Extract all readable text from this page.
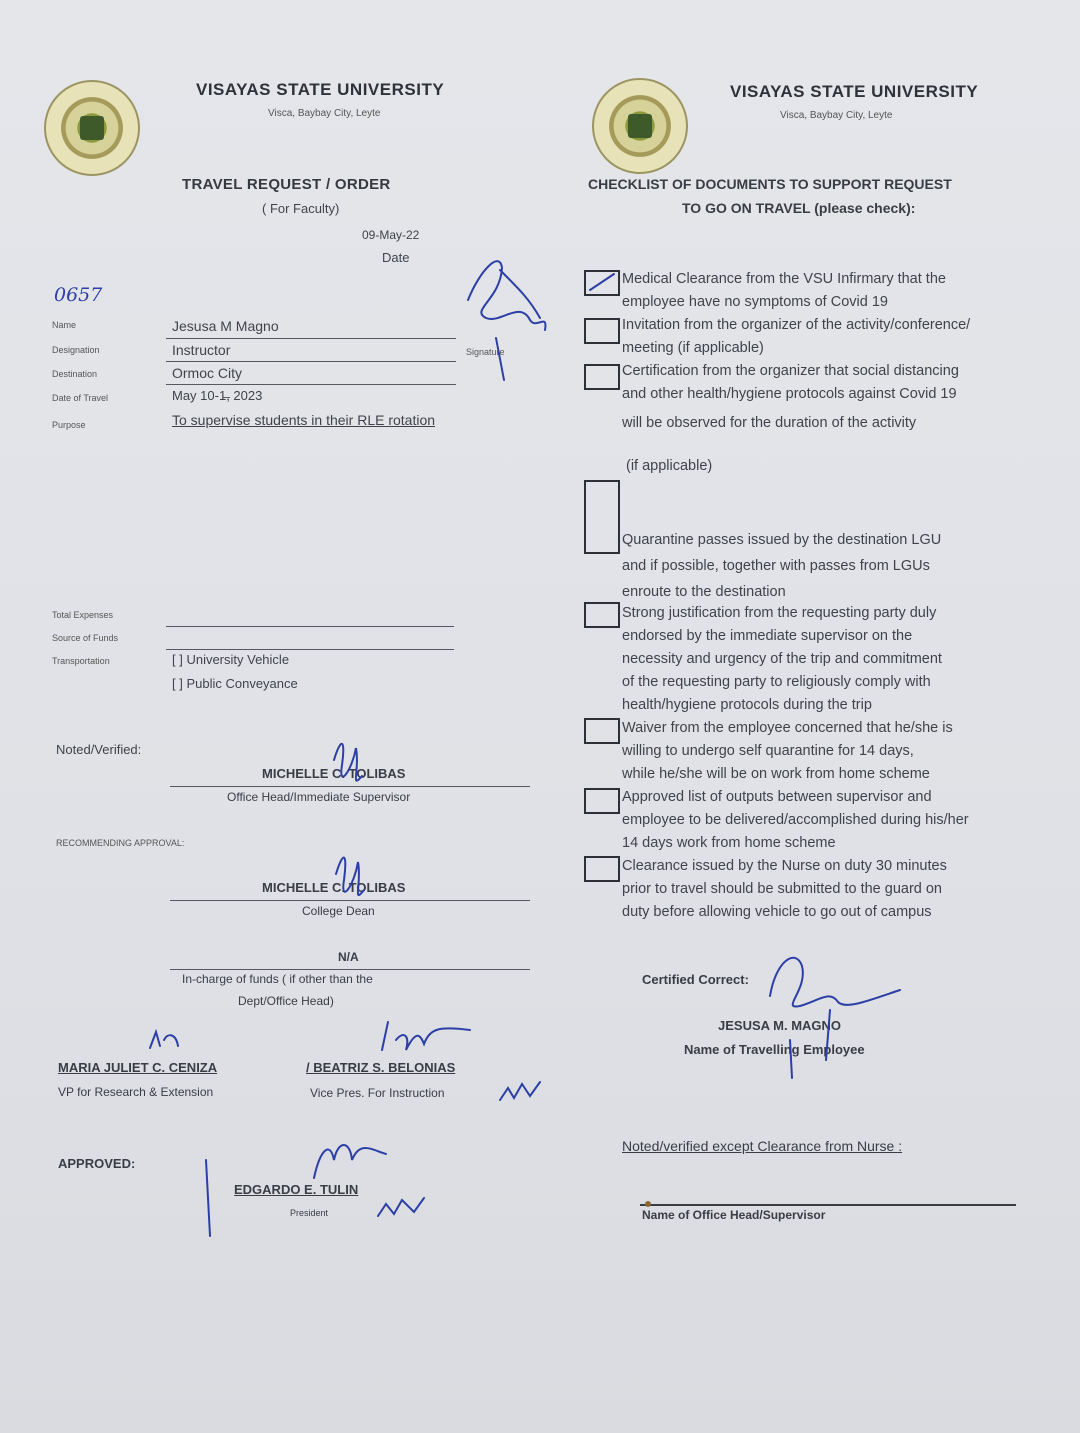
VISAYAS STATE UNIVERSITY
Visca, Baybay City, Leyte
TRAVEL REQUEST / ORDER
( For Faculty)
09-May-22
Date
0657
Name	Jesusa M Magno
Designation	Instructor	Signature
Destination	Ormoc City
Date of Travel	May 10-1̶, 2023
Purpose	To supervise students in their RLE rotation
Total Expenses
Source of Funds
Transportation	[ ] University Vehicle
[ ] Public Conveyance
Noted/Verified:
MICHELLE C. TOLIBAS
Office Head/Immediate Supervisor
RECOMMENDING APPROVAL:
MICHELLE C. TOLIBAS
College Dean
N/A
In-charge of funds ( if other than the
Dept/Office Head)
MARIA JULIET C. CENIZA
VP for Research & Extension
/ BEATRIZ S. BELONIAS
Vice Pres. For Instruction
APPROVED:
EDGARDO E. TULIN
President
VISAYAS STATE UNIVERSITY
Visca, Baybay City, Leyte
CHECKLIST OF DOCUMENTS TO SUPPORT REQUEST
TO GO ON TRAVEL (please check):
Medical Clearance from the VSU Infirmary that the
employee have no symptoms of Covid 19
Invitation from the organizer of the activity/conference/
meeting (if applicable)
Certification from the organizer that social distancing
and other health/hygiene protocols against Covid 19
will be observed for the duration of the activity
(if applicable)
Quarantine passes issued by the destination LGU
and if possible, together with passes from LGUs
enroute to the destination
Strong justification from the requesting party duly
endorsed by the immediate supervisor on the
necessity and urgency of the trip and commitment
of the requesting party to religiously comply with
health/hygiene protocols during the trip
Waiver from the employee concerned that he/she is
willing to undergo self quarantine for 14 days,
while he/she will be on work from home scheme
Approved list of outputs between supervisor and
employee to be delivered/accomplished during his/her
14 days work from home scheme
Clearance issued by the Nurse on duty 30 minutes
prior to travel should be submitted to the guard on
duty before allowing vehicle to go out of campus
Certified Correct:
JESUSA M. MAGNO
Name of Travelling Employee
Noted/verified except Clearance from Nurse :
Name of Office Head/Supervisor
